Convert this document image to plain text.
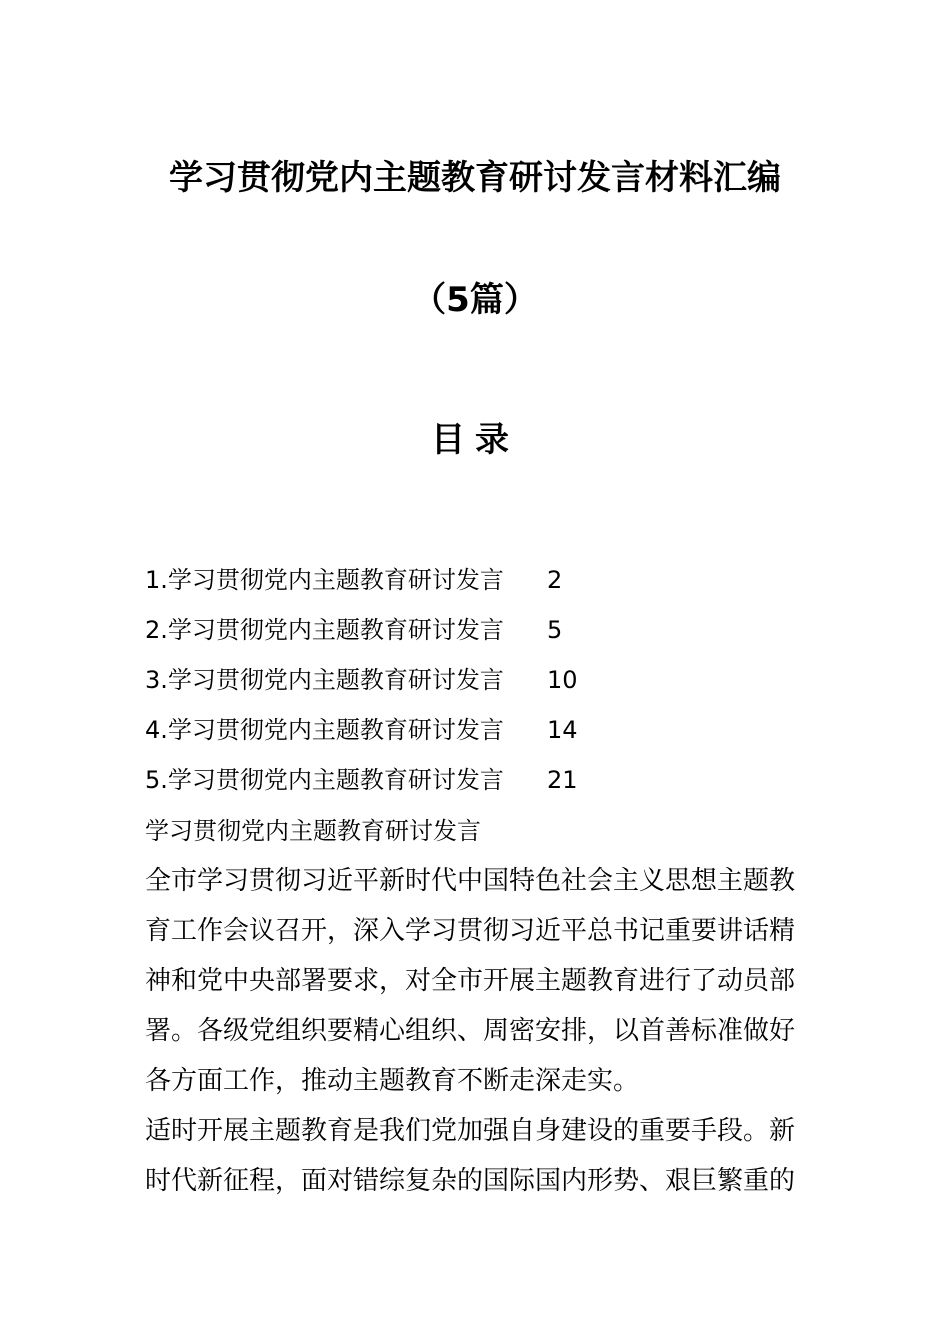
学习贯彻党内主题教育研讨发言材料汇编
（5篇）
目录
1.学习贯彻党内主题教育研讨发言 2
2.学习贯彻党内主题教育研讨发言 5
3.学习贯彻党内主题教育研讨发言 10
4.学习贯彻党内主题教育研讨发言 14
5.学习贯彻党内主题教育研讨发言 21
学习贯彻党内主题教育研讨发言
全市学习贯彻习近平新时代中国特色社会主义思想主题教
育工作会议召开，深入学习贯彻习近平总书记重要讲话精
神和党中央部署要求，对全市开展主题教育进行了动员部
署。各级党组织要精心组织、周密安排，以首善标准做好
各方面工作，推动主题教育不断走深走实。
适时开展主题教育是我们党加强自身建设的重要手段。新
时代新征程，面对错综复杂的国际国内形势、艰巨繁重的
